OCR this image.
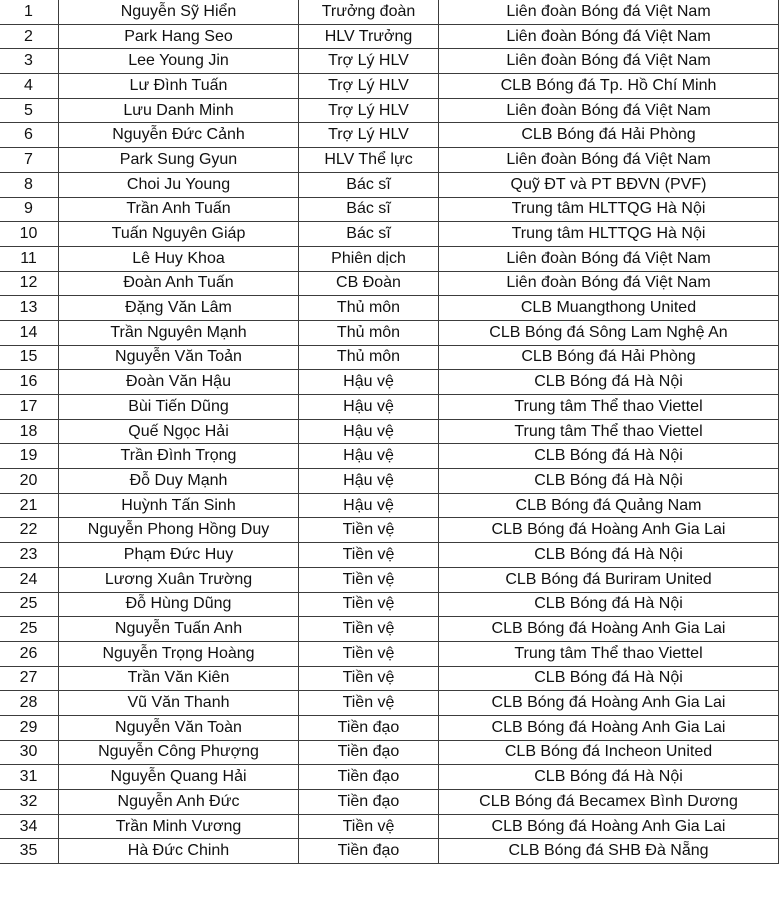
1	Nguyễn Sỹ Hiển	Trưởng đoàn	Liên đoàn Bóng đá Việt Nam
2	Park Hang Seo	HLV Trưởng	Liên đoàn Bóng đá Việt Nam
3	Lee Young Jin	Trợ Lý HLV	Liên đoàn Bóng đá Việt Nam
4	Lư Đình Tuấn	Trợ Lý HLV	CLB Bóng đá Tp. Hồ Chí Minh
5	Lưu Danh Minh	Trợ Lý HLV	Liên đoàn Bóng đá Việt Nam
6	Nguyễn Đức Cảnh	Trợ Lý HLV	CLB Bóng đá Hải Phòng
7	Park Sung Gyun	HLV Thể lực	Liên đoàn Bóng đá Việt Nam
8	Choi Ju Young	Bác sĩ	Quỹ ĐT và PT BĐVN (PVF)
9	Trần Anh Tuấn	Bác sĩ	Trung tâm HLTTQG Hà Nội
10	Tuấn Nguyên Giáp	Bác sĩ	Trung tâm HLTTQG Hà Nội
11	Lê Huy Khoa	Phiên dịch	Liên đoàn Bóng đá Việt Nam
12	Đoàn Anh Tuấn	CB Đoàn	Liên đoàn Bóng đá Việt Nam
13	Đặng Văn Lâm	Thủ môn	CLB Muangthong United
14	Trần Nguyên Mạnh	Thủ môn	CLB Bóng đá Sông Lam Nghệ An
15	Nguyễn Văn Toản	Thủ môn	CLB Bóng đá Hải Phòng
16	Đoàn Văn Hậu	Hậu vệ	CLB Bóng đá Hà Nội
17	Bùi Tiến Dũng	Hậu vệ	Trung tâm Thể thao Viettel
18	Quế Ngọc Hải	Hậu vệ	Trung tâm Thể thao Viettel
19	Trần Đình Trọng	Hậu vệ	CLB Bóng đá Hà Nội
20	Đỗ Duy Mạnh	Hậu vệ	CLB Bóng đá Hà Nội
21	Huỳnh Tấn Sinh	Hậu vệ	CLB Bóng đá Quảng Nam
22	Nguyễn Phong Hồng Duy	Tiền vệ	CLB Bóng đá Hoàng Anh Gia Lai
23	Phạm Đức Huy	Tiền vệ	CLB Bóng đá Hà Nội
24	Lương Xuân Trường	Tiền vệ	CLB Bóng đá Buriram United
25	Đỗ Hùng Dũng	Tiền vệ	CLB Bóng đá Hà Nội
25	Nguyễn Tuấn Anh	Tiền vệ	CLB Bóng đá Hoàng Anh Gia Lai
26	Nguyễn Trọng Hoàng	Tiền vệ	Trung tâm Thể thao Viettel
27	Trần Văn Kiên	Tiền vệ	CLB Bóng đá Hà Nội
28	Vũ Văn Thanh	Tiền vệ	CLB Bóng đá Hoàng Anh Gia Lai
29	Nguyễn Văn Toàn	Tiền đạo	CLB Bóng đá Hoàng Anh Gia Lai
30	Nguyễn Công Phượng	Tiền đạo	CLB Bóng đá Incheon United
31	Nguyễn Quang Hải	Tiền đạo	CLB Bóng đá Hà Nội
32	Nguyễn Anh Đức	Tiền đạo	CLB Bóng đá Becamex Bình Dương
34	Trần Minh Vương	Tiền vệ	CLB Bóng đá Hoàng Anh Gia Lai
35	Hà Đức Chinh	Tiền đạo	CLB Bóng đá SHB Đà Nẵng
